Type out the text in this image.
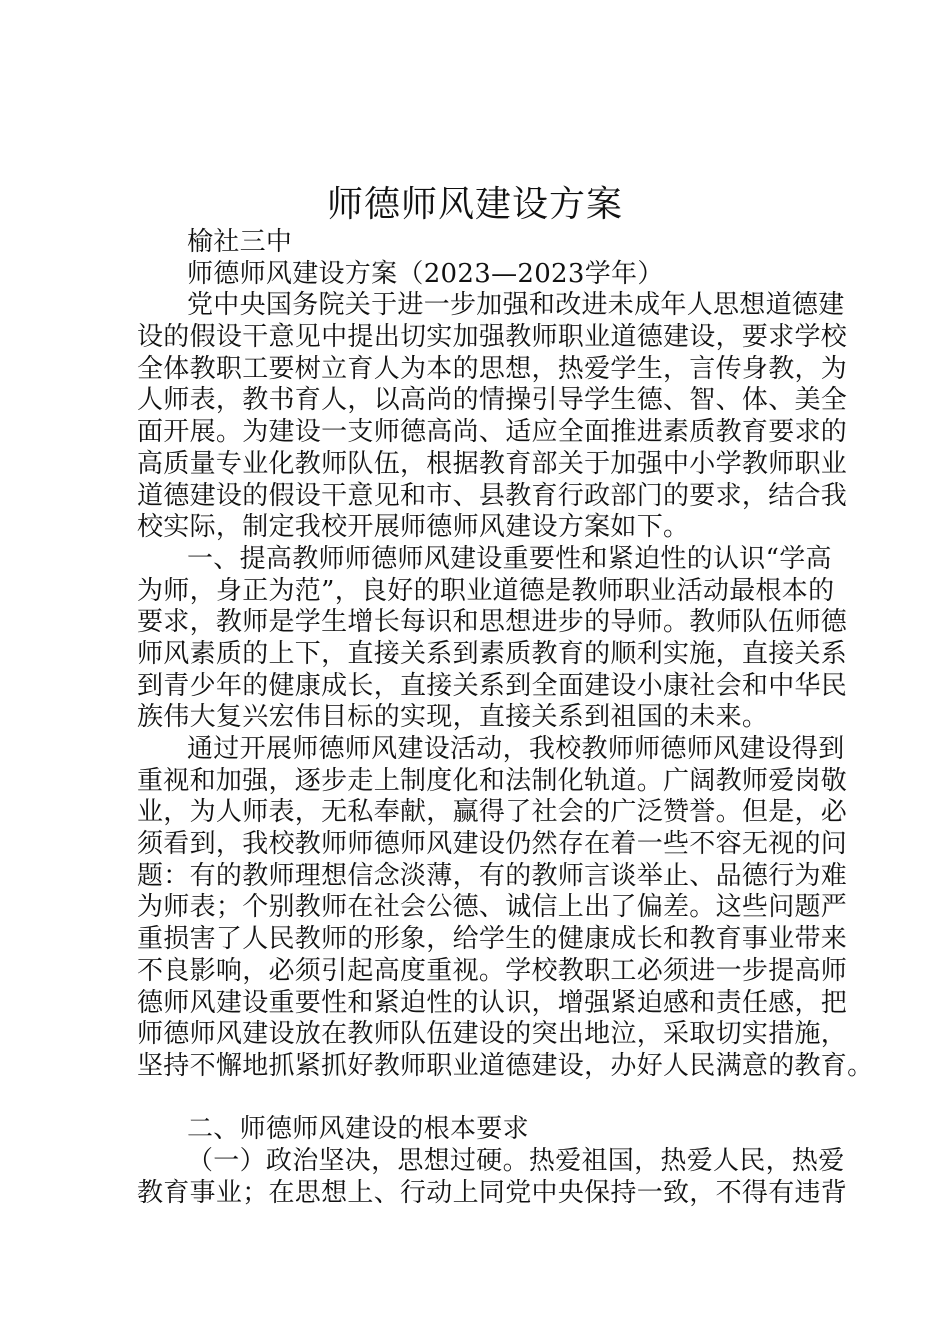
师德师风建设方案
榆社三中
师德师风建设方案（2023—2023学年）
党中央国务院关于进一步加强和改进未成年人思想道德建
设的假设干意见中提出切实加强教师职业道德建设，要求学校
全体教职工要树立育人为本的思想，热爱学生，言传身教，为
人师表，教书育人，以高尚的情操引导学生德、智、体、美全
面开展。为建设一支师德高尚、适应全面推进素质教育要求的
高质量专业化教师队伍，根据教育部关于加强中小学教师职业
道德建设的假设干意见和市、县教育行政部门的要求，结合我
校实际，制定我校开展师德师风建设方案如下。
一、提高教师师德师风建设重要性和紧迫性的认识“学高
为师，身正为范”，良好的职业道德是教师职业活动最根本的
要求，教师是学生增长每识和思想进步的导师。教师队伍师德
师风素质的上下，直接关系到素质教育的顺利实施，直接关系
到青少年的健康成长，直接关系到全面建设小康社会和中华民
族伟大复兴宏伟目标的实现，直接关系到祖国的未来。
通过开展师德师风建设活动，我校教师师德师风建设得到
重视和加强，逐步走上制度化和法制化轨道。广阔教师爱岗敬
业，为人师表，无私奉献，赢得了社会的广泛赞誉。但是，必
须看到，我校教师师德师风建设仍然存在着一些不容无视的问
题：有的教师理想信念淡薄，有的教师言谈举止、品德行为难
为师表；个别教师在社会公德、诚信上出了偏差。这些问题严
重损害了人民教师的形象，给学生的健康成长和教育事业带来
不良影响，必须引起高度重视。学校教职工必须进一步提高师
德师风建设重要性和紧迫性的认识，增强紧迫感和责任感，把
师德师风建设放在教师队伍建设的突出地泣，采取切实措施，
坚持不懈地抓紧抓好教师职业道德建设，办好人民满意的教育。
二、师德师风建设的根本要求
（一）政治坚决，思想过硬。热爱祖国，热爱人民，热爱
教育事业；在思想上、行动上同党中央保持一致，不得有违背
